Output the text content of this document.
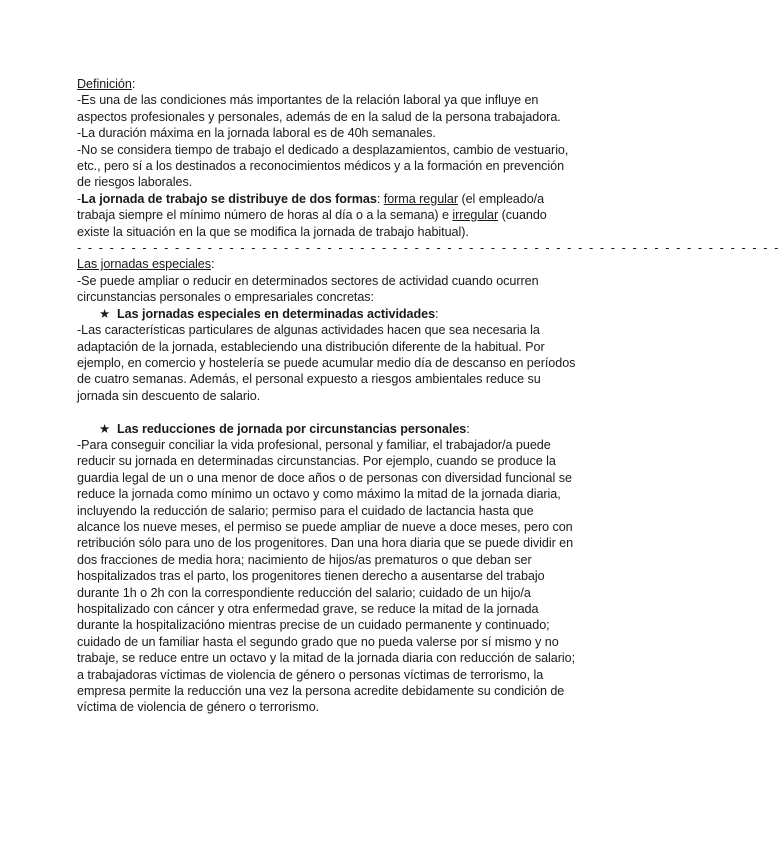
Definición:

-Es una de las condiciones más importantes de la relación laboral ya que influye en aspectos profesionales y personales, además de en la salud de la persona trabajadora.

-La duración máxima en la jornada laboral es de 40h semanales.

-No se considera tiempo de trabajo el dedicado a desplazamientos, cambio de vestuario, etc., pero sí a los destinados a reconocimientos médicos y a la formación en prevención de riesgos laborales.

-La jornada de trabajo se distribuye de dos formas: forma regular (el empleado/a trabaja siempre el mínimo número de horas al día o a la semana) e irregular (cuando existe la situación en la que se modifica la jornada de trabajo habitual).

- - - - - - - - - - - - - - - - - - - - - - - - - - - - - - - - - - - - - - - - - - - - - - - - - - - - - - - - - - - - - - - - -

Las jornadas especiales:

-Se puede ampliar o reducir en determinados sectores de actividad cuando ocurren circunstancias personales o empresariales concretas:

★ Las jornadas especiales en determinadas actividades:

-Las características particulares de algunas actividades hacen que sea necesaria la adaptación de la jornada, estableciendo una distribución diferente de la habitual. Por ejemplo, en comercio y hostelería se puede acumular medio día de descanso en períodos de cuatro semanas. Además, el personal expuesto a riesgos ambientales reduce su jornada sin descuento de salario.

★ Las reducciones de jornada por circunstancias personales:

-Para conseguir conciliar la vida profesional, personal y familiar, el trabajador/a puede reducir su jornada en determinadas circunstancias. Por ejemplo, cuando se produce la guardia legal de un o una menor de doce años o de personas con diversidad funcional se reduce la jornada como mínimo un octavo y como máximo la mitad de la jornada diaria, incluyendo la reducción de salario; permiso para el cuidado de lactancia hasta que alcance los nueve meses, el permiso se puede ampliar de nueve a doce meses, pero con retribución sólo para uno de los progenitores. Dan una hora diaria que se puede dividir en dos fracciones de media hora; nacimiento de hijos/as prematuros o que deban ser hospitalizados tras el parto, los progenitores tienen derecho a ausentarse del trabajo durante 1h o 2h con la correspondiente reducción del salario; cuidado de un hijo/a hospitalizado con cáncer y otra enfermedad grave, se reduce la mitad de la jornada durante la hospitalizacióno mientras precise de un cuidado permanente y continuado; cuidado de un familiar hasta el segundo grado que no pueda valerse por sí mismo y no trabaje, se reduce entre un octavo y la mitad de la jornada diaria con reducción de salario; a trabajadoras víctimas de violencia de género o personas víctimas de terrorismo, la empresa permite la reducción una vez la persona acredite debidamente su condición de víctima de violencia de género o terrorismo.
